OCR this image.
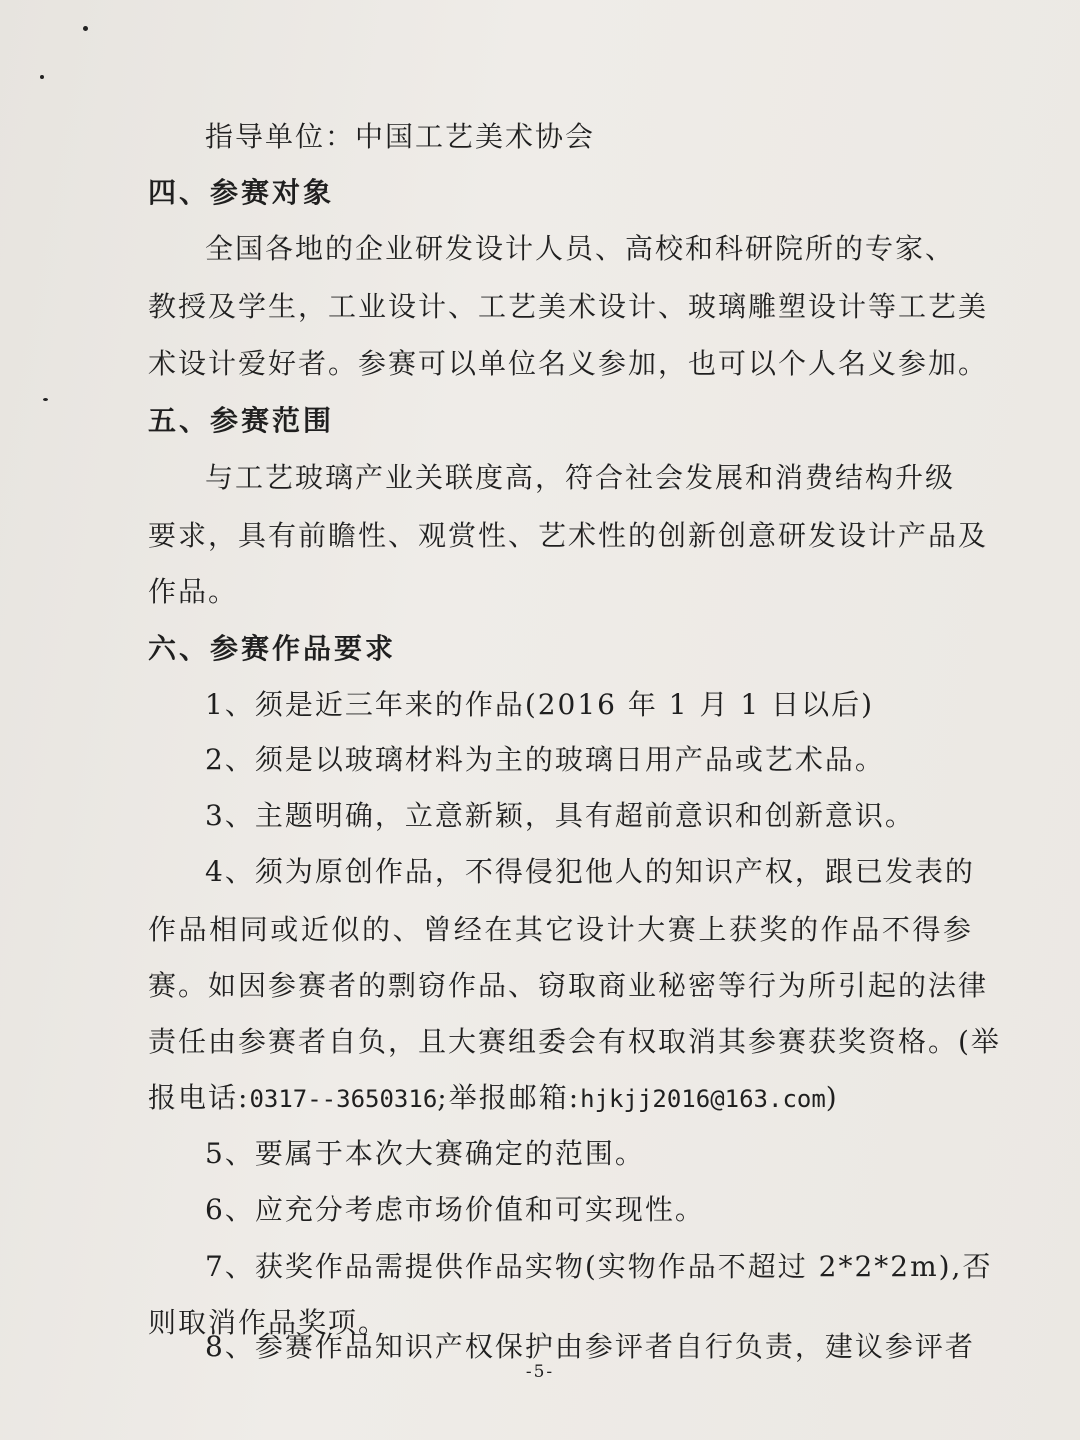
指导单位：中国工艺美术协会
四、参赛对象
全国各地的企业研发设计人员、高校和科研院所的专家、
教授及学生，工业设计、工艺美术设计、玻璃雕塑设计等工艺美
术设计爱好者。参赛可以单位名义参加，也可以个人名义参加。
五、参赛范围
与工艺玻璃产业关联度高，符合社会发展和消费结构升级
要求，具有前瞻性、观赏性、艺术性的创新创意研发设计产品及
作品。
六、参赛作品要求
1、须是近三年来的作品(2016 年 1 月 1 日以后)
2、须是以玻璃材料为主的玻璃日用产品或艺术品。
3、主题明确，立意新颖，具有超前意识和创新意识。
4、须为原创作品，不得侵犯他人的知识产权，跟已发表的
作品相同或近似的、曾经在其它设计大赛上获奖的作品不得参
赛。如因参赛者的剽窃作品、窃取商业秘密等行为所引起的法律
责任由参赛者自负，且大赛组委会有权取消其参赛获奖资格。(举
报电话:0317--3650316;举报邮箱:hjkjj2016@163.com)
5、要属于本次大赛确定的范围。
6、应充分考虑市场价值和可实现性。
7、获奖作品需提供作品实物(实物作品不超过 2*2*2m),否
则取消作品奖项。
8、参赛作品知识产权保护由参评者自行负责，建议参评者
-5-
